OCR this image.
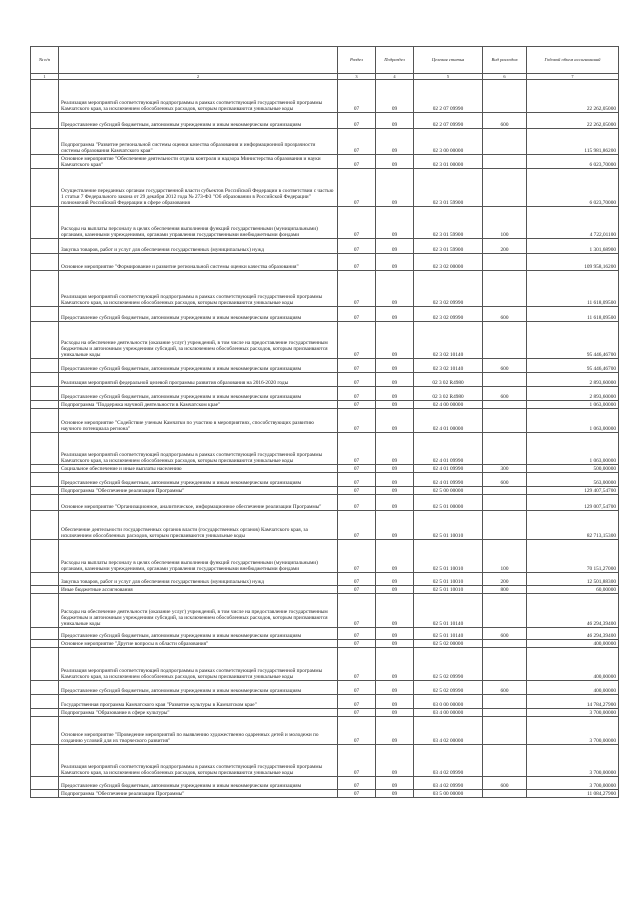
№ п/п		Раздел	Подраздел	Целевая статья	Вид расходов	Годовой объем ассигнований
1	2	3	4	5	6	7
	Реализация мероприятий соответствующей подпрограммы в рамках соответствующей государственной программы Камчатского края, за исключением обособленных расходов, которым присваиваются уникальные коды	07	09	02 2 07 09990		22 262,05000
	Предоставление субсидий бюджетным, автономным учреждениям и иным некоммерческим организациям	07	09	02 2 07 09990	600	22 262,05000
	Подпрограмма "Развитие региональной системы оценки качества образования и информационной прозрачности системы образования Камчатского края"	07	09	02 3 00 00000		115 981,86200
	Основное мероприятие "Обеспечение деятельности отдела контроля и надзора Министерства образования и науки Камчатского края"	07	09	02 3 01 00000		6 023,70000
	Осуществление переданных органам государственной власти субъектов Российской Федерации в соответствии с частью 1 статьи 7 Федерального закона от 29 декабря 2012 года № 273-ФЗ "Об образовании в Российской Федерации" полномочий Российской Федерации в сфере образования	07	09	02 3 01 59900		6 023,70000
	Расходы на выплаты персоналу в целях обеспечения выполнения функций государственными (муниципальными) органами, казенными учреждениями, органами управления государственными внебюджетными фондами	07	09	02 3 01 59900	100	4 722,01100
	Закупка товаров, работ и услуг для обеспечения государственных (муниципальных) нужд	07	09	02 3 01 59900	200	1 301,68900
	Основное мероприятие "Формирование и развитие региональной системы оценки качества образования"	07	09	02 3 02 00000		109 958,16200
	Реализация мероприятий соответствующей подпрограммы в рамках соответствующей государственной программы Камчатского края, за исключением обособленных расходов, которым присваиваются уникальные коды	07	09	02 3 02 09990		11 618,09500
	Предоставление субсидий бюджетным, автономным учреждениям и иным некоммерческим организациям	07	09	02 3 02 09990	600	11 618,09500
	Расходы на обеспечение деятельности (оказание услуг) учреждений, в том числе на предоставление государственным бюджетным и автономным учреждениям субсидий, за исключением обособленных расходов, которым присваиваются уникальные коды	07	09	02 3 02 10140		95 446,46700
	Предоставление субсидий бюджетным, автономным учреждениям и иным некоммерческим организациям	07	09	02 3 02 10140	600	95 446,46700
	Реализация мероприятий федеральной целевой программы развития образования на 2016-2020 годы	07	09	02 3 02 R4980		2 893,60000
	Предоставление субсидий бюджетным, автономным учреждениям и иным некоммерческим организациям	07	09	02 3 02 R4980	600	2 893,60000
	Подпрограмма "Поддержка научной деятельности в Камчатском крае"	07	09	02 4 00 00000		1 063,00000
	Основное мероприятие "Содействие ученым Камчатки по участию в мероприятиях, способствующих развитию научного потенциала региона"	07	09	02 4 01 00000		1 063,00000
	Реализация мероприятий соответствующей подпрограммы в рамках соответствующей государственной программы Камчатского края, за исключением обособленных расходов, которым присваиваются уникальные коды	07	09	02 4 01 09990		1 063,00000
	Социальное обеспечение и иные выплаты населению	07	09	02 4 01 09990	300	500,00000
	Предоставление субсидий бюджетным, автономным учреждениям и иным некоммерческим организациям	07	09	02 4 01 09990	600	563,00000
	Подпрограмма "Обеспечение реализации Программы"	07	09	02 5 00 00000		129 407,54700
	Основное мероприятие "Организационное, аналитическое, информационное обеспечение реализации Программы"	07	09	02 5 01 00000		129 007,54700
	Обеспечение деятельности государственных органов власти (государственных органов) Камчатского края, за исключением обособленных расходов, которым присваиваются уникальные коды	07	09	02 5 01 10010		82 713,15300
	Расходы на выплаты персоналу в целях обеспечения выполнения функций государственными (муниципальными) органами, казенными учреждениями, органами управления государственными внебюджетными фондами	07	09	02 5 01 10010	100	70 151,27000
	Закупка товаров, работ и услуг для обеспечения государственных (муниципальных) нужд	07	09	02 5 01 10010	200	12 501,88300
	Иные бюджетные ассигнования	07	09	02 5 01 10010	800	60,00000
	Расходы на обеспечение деятельности (оказание услуг) учреждений, в том числе на предоставление государственным бюджетным и автономным учреждениям субсидий, за исключением обособленных расходов, которым присваиваются уникальные коды	07	09	02 5 01 10140		46 294,39400
	Предоставление субсидий бюджетным, автономным учреждениям и иным некоммерческим организациям	07	09	02 5 01 10140	600	46 294,39400
	Основное мероприятие "Другие вопросы в области образования"	07	09	02 5 02 00000		400,00000
	Реализация мероприятий соответствующей подпрограммы в рамках соответствующей государственной программы Камчатского края, за исключением обособленных расходов, которым присваиваются уникальные коды	07	09	02 5 02 09990		400,00000
	Предоставление субсидий бюджетным, автономным учреждениям и иным некоммерческим организациям	07	09	02 5 02 09990	600	400,00000
	Государственная программа Камчатского края "Развитие культуры в Камчатском крае"	07	09	03 0 00 00000		14 784,27900
	Подпрограмма "Образование в сфере культуры"	07	09	03 4 00 00000		3 700,00000
	Основное мероприятие "Проведение мероприятий по выявлению художественно одаренных детей и молодежи по созданию условий для их творческого развития"	07	09	03 4 02 00000		3 700,00000
	Реализация мероприятий соответствующей подпрограммы в рамках соответствующей государственной программы Камчатского края, за исключением обособленных расходов, которым присваиваются уникальные коды	07	09	03 4 02 09990		3 700,00000
	Предоставление субсидий бюджетным, автономным учреждениям и иным некоммерческим организациям	07	09	03 4 02 09990	600	3 700,00000
	Подпрограмма "Обеспечение реализации Программы"	07	09	03 5 00 00000		11 084,27900
